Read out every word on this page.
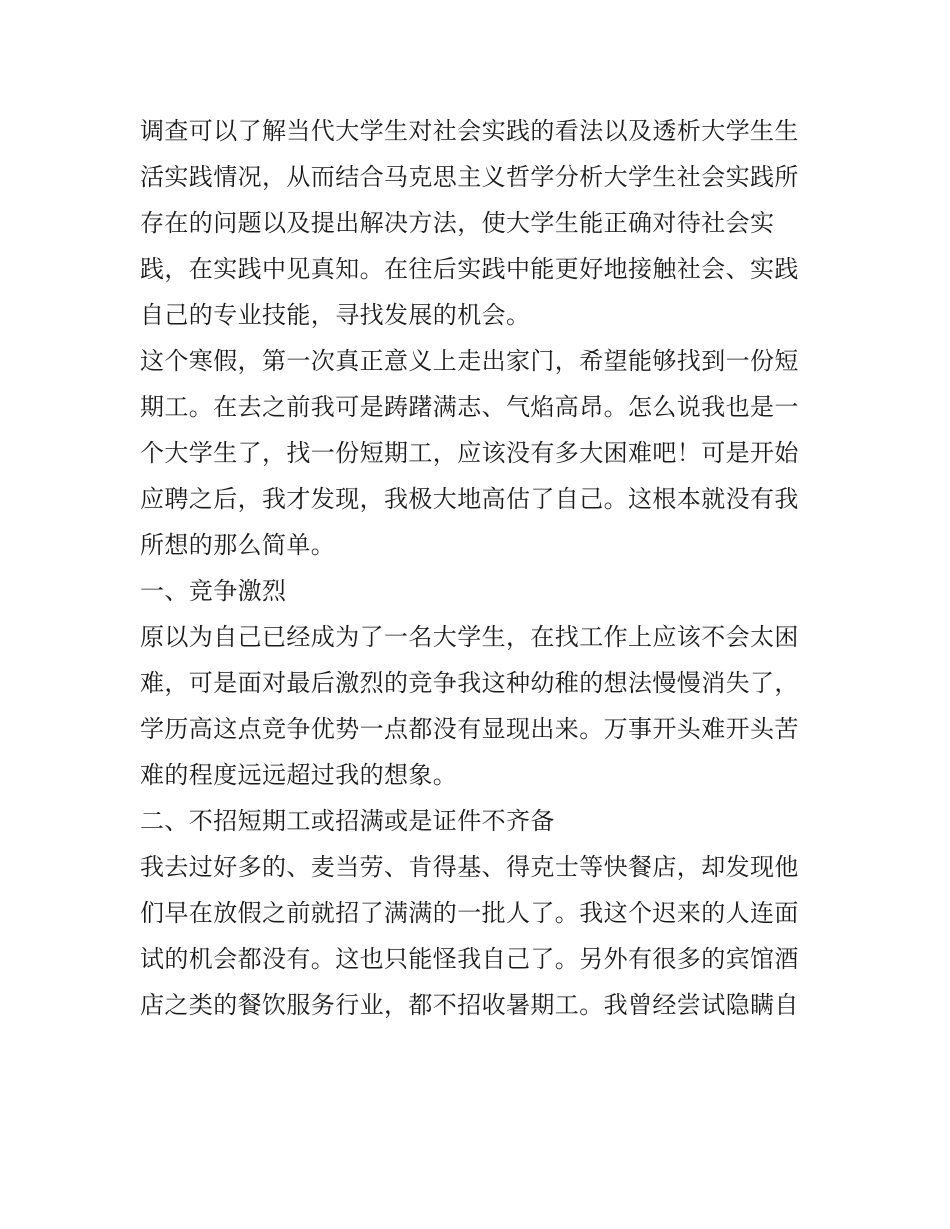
调查可以了解当代大学生对社会实践的看法以及透析大学生生
活实践情况，从而结合马克思主义哲学分析大学生社会实践所
存在的问题以及提出解决方法，使大学生能正确对待社会实
践，在实践中见真知。在往后实践中能更好地接触社会、实践
自己的专业技能，寻找发展的机会。
这个寒假，第一次真正意义上走出家门，希望能够找到一份短
期工。在去之前我可是踌躇满志、气焰高昂。怎么说我也是一
个大学生了，找一份短期工，应该没有多大困难吧！可是开始
应聘之后，我才发现，我极大地高估了自己。这根本就没有我
所想的那么简单。
一、竞争激烈
原以为自己已经成为了一名大学生，在找工作上应该不会太困
难，可是面对最后激烈的竞争我这种幼稚的想法慢慢消失了，
学历高这点竞争优势一点都没有显现出来。万事开头难开头苦
难的程度远远超过我的想象。
二、不招短期工或招满或是证件不齐备
我去过好多的、麦当劳、肯得基、得克士等快餐店，却发现他
们早在放假之前就招了满满的一批人了。我这个迟来的人连面
试的机会都没有。这也只能怪我自己了。另外有很多的宾馆酒
店之类的餐饮服务行业，都不招收暑期工。我曾经尝试隐瞒自
